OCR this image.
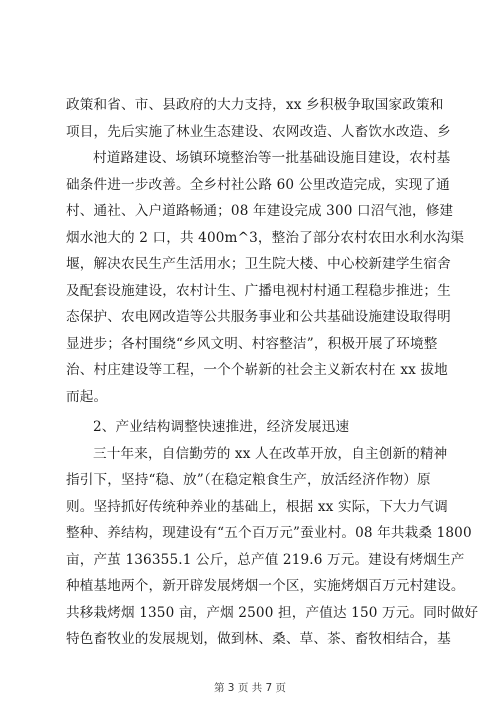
政策和省、市、县政府的大力支持，xx 乡积极争取国家政策和
项目，先后实施了林业生态建设、农网改造、人畜饮水改造、乡
村道路建设、场镇环境整治等一批基础设施目建设，农村基
础条件进一步改善。全乡村社公路 60 公里改造完成，实现了通
村、通社、入户道路畅通；08 年建设完成 300 口沼气池，修建
烟水池大的 2 口，共 400m^3，整治了部分农村农田水利水沟渠
堰，解决农民生产生活用水；卫生院大楼、中心校新建学生宿舍
及配套设施建设，农村计生、广播电视村村通工程稳步推进；生
态保护、农电网改造等公共服务事业和公共基础设施建设取得明
显进步；各村围绕“乡风文明、村容整洁”，积极开展了环境整
治、村庄建设等工程，一个个崭新的社会主义新农村在 xx 拔地
而起。
2、产业结构调整快速推进，经济发展迅速
三十年来，自信勤劳的 xx 人在改革开放，自主创新的精神
指引下，坚持“稳、放”（在稳定粮食生产，放活经济作物）原
则。坚持抓好传统种养业的基础上，根据 xx 实际，下大力气调
整种、养结构，现建设有“五个百万元”蚕业村。08 年共栽桑 1800
亩，产茧 136355.1 公斤，总产值 219.6 万元。建设有烤烟生产
种植基地两个，新开辟发展烤烟一个区，实施烤烟百万元村建设。
共移栽烤烟 1350 亩，产烟 2500 担，产值达 150 万元。同时做好
特色畜牧业的发展规划，做到林、桑、草、茶、畜牧相结合，基
第 3 页 共 7 页
